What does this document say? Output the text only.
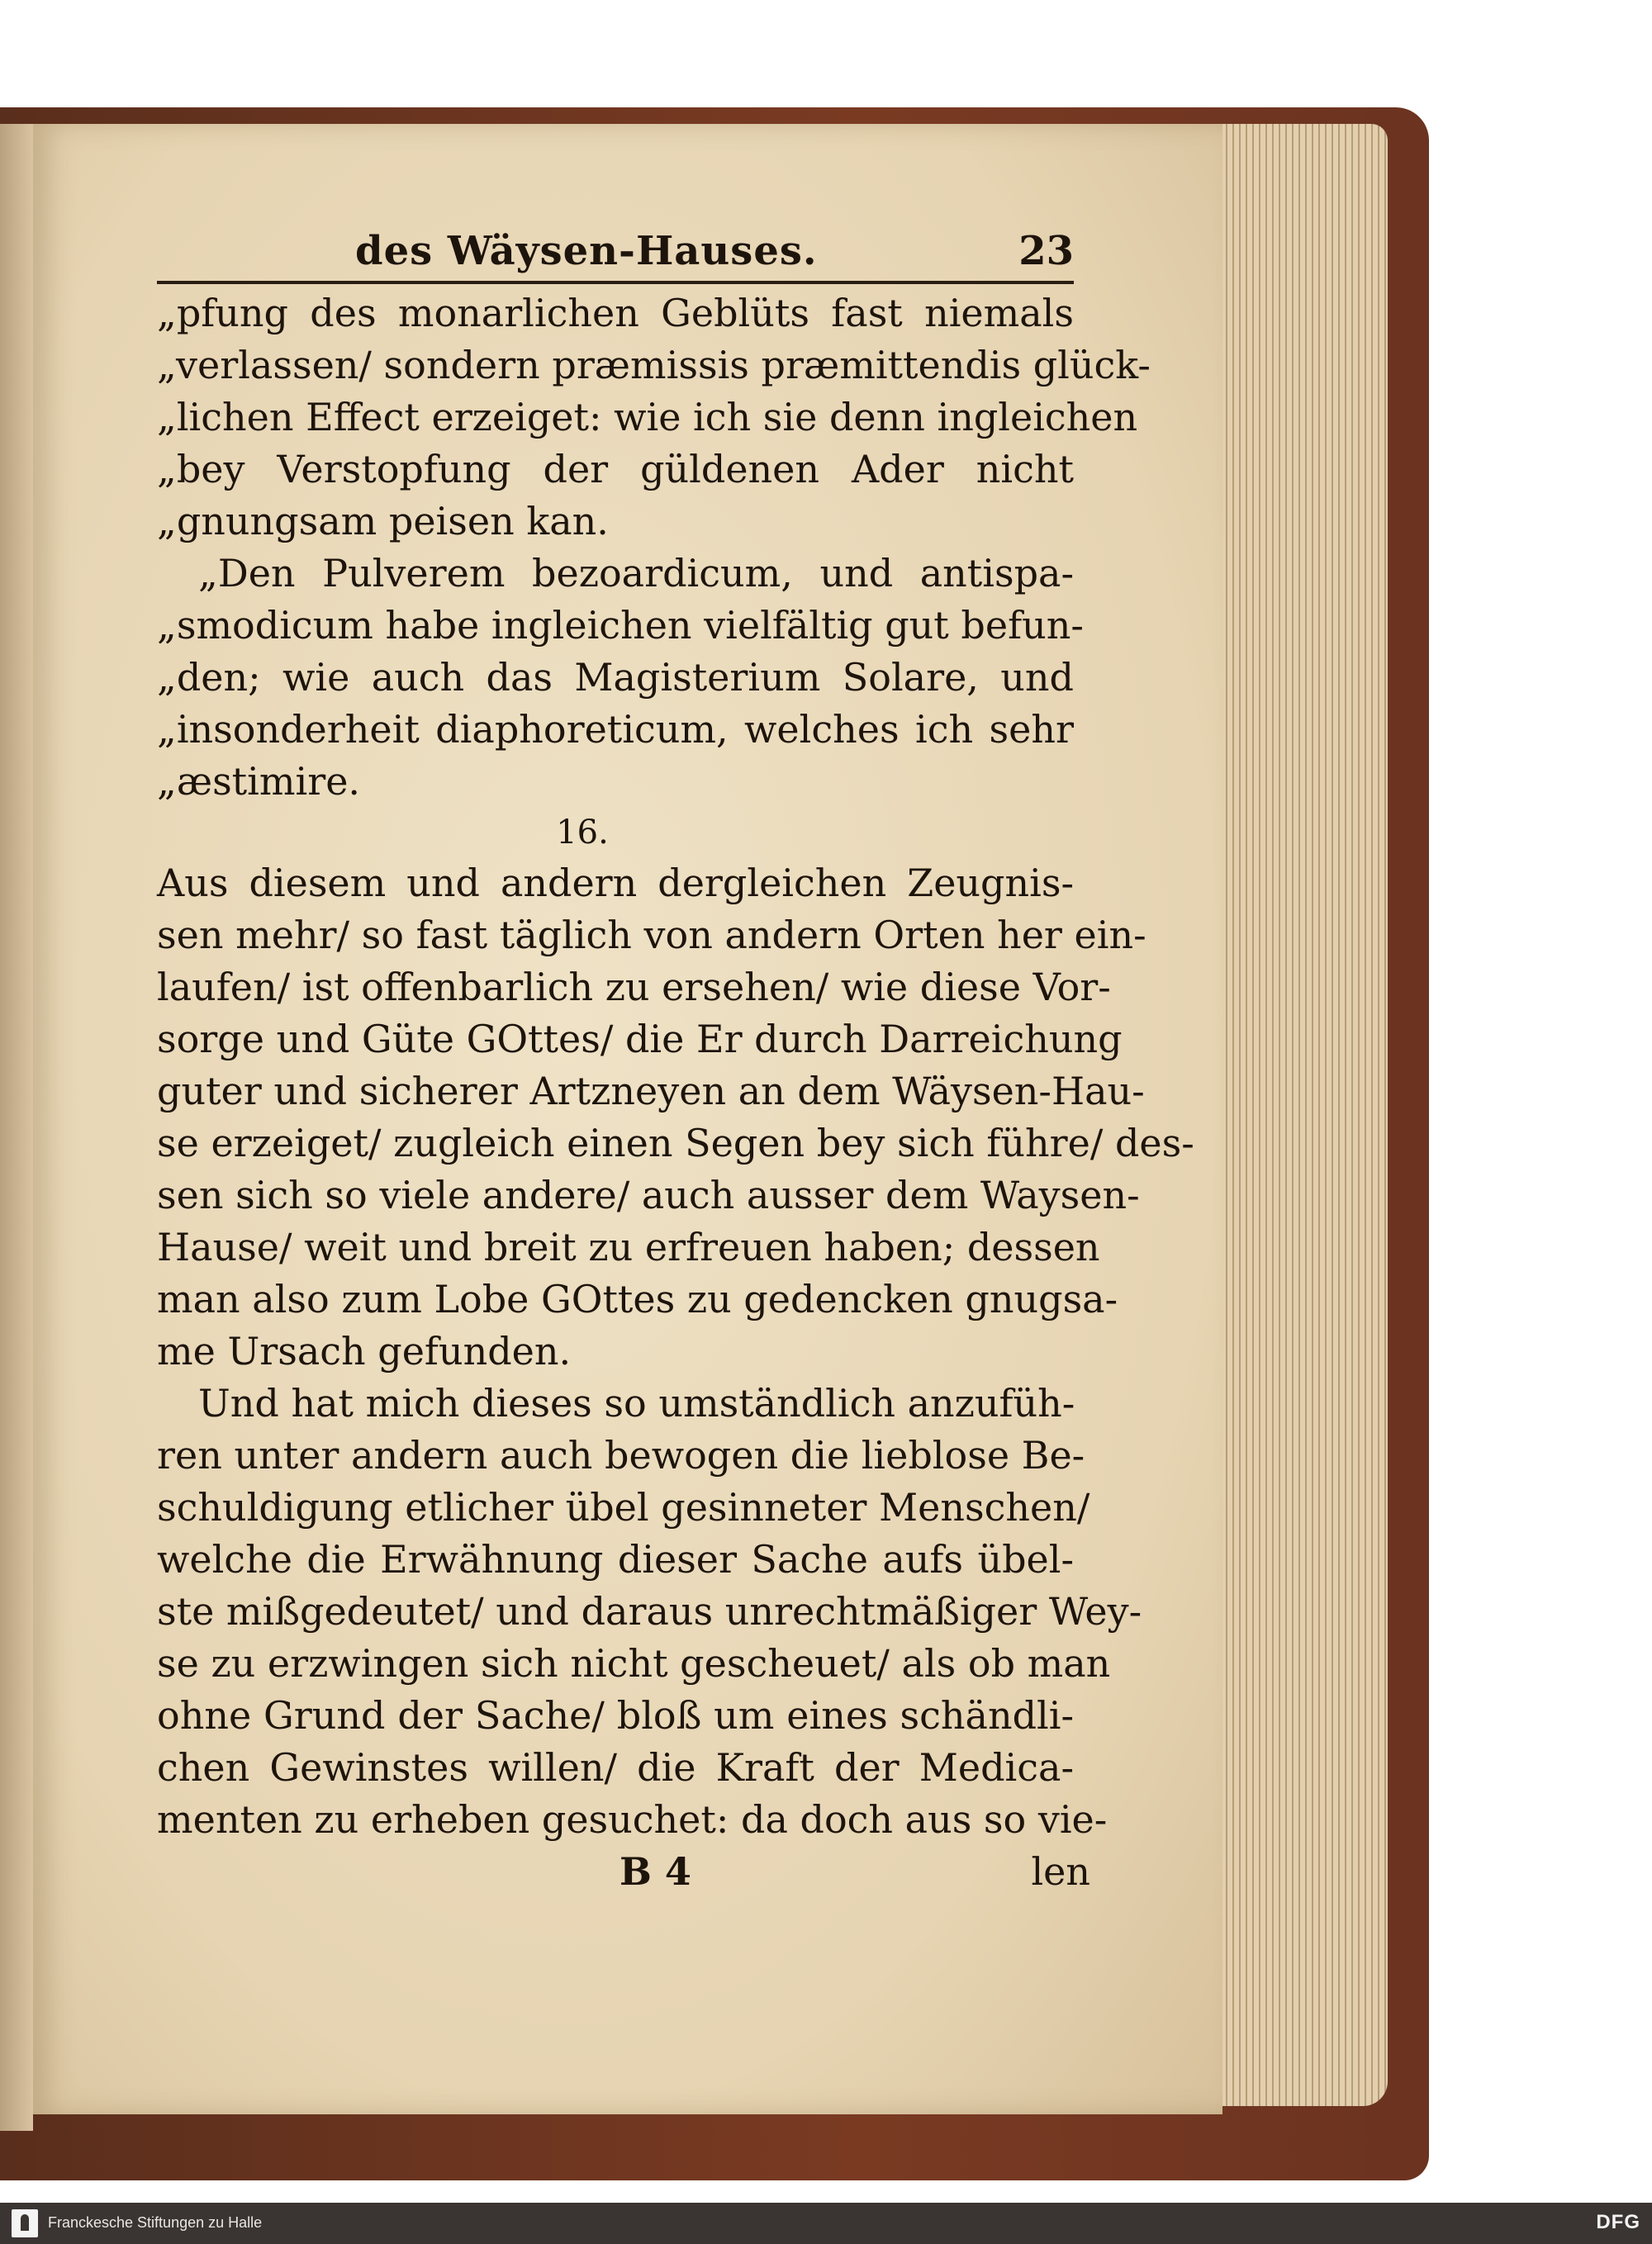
des Wäysen-Hauses.	23
„pfung des monarlichen Geblüts fast niemals
„verlassen/ sondern præmissis præmittendis glück-
„lichen Effect erzeiget: wie ich sie denn ingleichen
„bey Verstopfung der güldenen Ader nicht
„gnungsam peisen kan.
„Den Pulverem bezoardicum, und antispa-
„smodicum habe ingleichen vielfältig gut befun-
„den; wie auch das Magisterium Solare, und
„insonderheit diaphoreticum, welches ich sehr
„æstimire.
16.
Aus diesem und andern dergleichen Zeugnis-
sen mehr/ so fast täglich von andern Orten her ein-
laufen/ ist offenbarlich zu ersehen/ wie diese Vor-
sorge und Güte GOttes/ die Er durch Darreichung
guter und sicherer Artzneyen an dem Wäysen-Hau-
se erzeiget/ zugleich einen Segen bey sich führe/ des-
sen sich so viele andere/ auch ausser dem Waysen-
Hause/ weit und breit zu erfreuen haben; dessen
man also zum Lobe GOttes zu gedencken gnugsa-
me Ursach gefunden.
Und hat mich dieses so umständlich anzufüh-
ren unter andern auch bewogen die lieblose Be-
schuldigung etlicher übel gesinneter Menschen/
welche die Erwähnung dieser Sache aufs übel-
ste mißgedeutet/ und daraus unrechtmäßiger Wey-
se zu erzwingen sich nicht gescheuet/ als ob man
ohne Grund der Sache/ bloß um eines schändli-
chen Gewinstes willen/ die Kraft der Medica-
menten zu erheben gesuchet: da doch aus so vie-
B 4	len
Franckesche Stiftungen zu Halle	DFG
